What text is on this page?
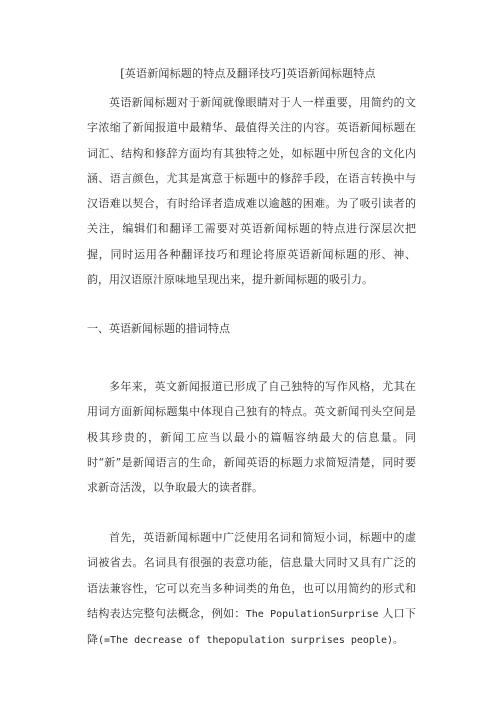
[英语新闻标题的特点及翻译技巧]英语新闻标题特点

英语新闻标题对于新闻就像眼睛对于人一样重要，用简约的文字浓缩了新闻报道中最精华、最值得关注的内容。英语新闻标题在词汇、结构和修辞方面均有其独特之处，如标题中所包含的文化内涵、语言颜色，尤其是寓意于标题中的修辞手段，在语言转换中与汉语难以契合，有时给译者造成难以逾越的困难。为了吸引读者的关注，编辑们和翻译工需要对英语新闻标题的特点进行深层次把握，同时运用各种翻译技巧和理论将原英语新闻标题的形、神、韵，用汉语原汁原味地呈现出来，提升新闻标题的吸引力。

一、英语新闻标题的措词特点

多年来，英文新闻报道已形成了自己独特的写作风格，尤其在用词方面新闻标题集中体现自己独有的特点。英文新闻刊头空间是极其珍贵的，新闻工应当以最小的篇幅容纳最大的信息量。同时“新”是新闻语言的生命，新闻英语的标题力求简短清楚，同时要求新奇活泼，以争取最大的读者群。

首先，英语新闻标题中广泛使用名词和简短小词，标题中的虚词被省去。名词具有很强的表意功能，信息量大同时又具有广泛的语法兼容性，它可以充当多种词类的角色，也可以用简约的形式和结构表达完整句法概念，例如：The PopulationSurprise 人口下降(=The decrease of thepopulation surprises people)。
